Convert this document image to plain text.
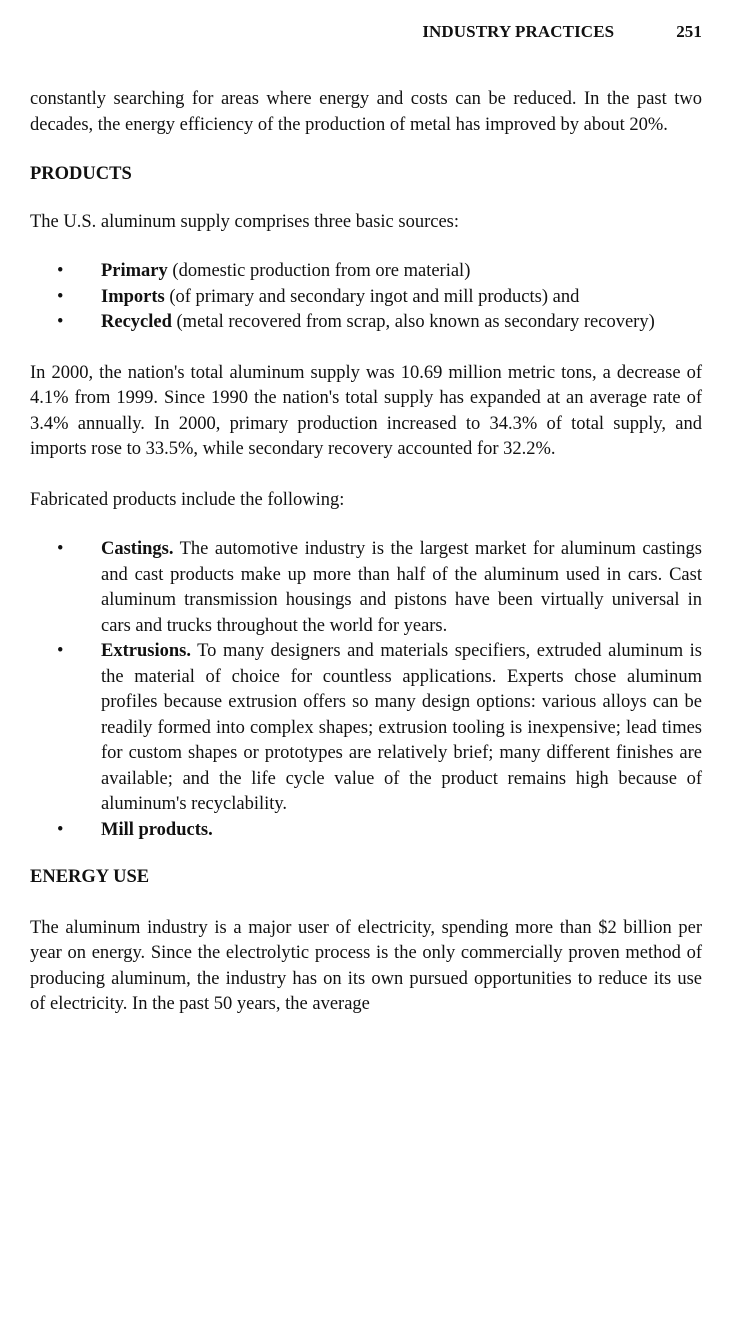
INDUSTRY PRACTICES	251

constantly searching for areas where energy and costs can be reduced. In the past two decades, the energy efficiency of the production of metal has improved by about 20%.

PRODUCTS

The U.S. aluminum supply comprises three basic sources:

• Primary (domestic production from ore material)
• Imports (of primary and secondary ingot and mill products) and
• Recycled (metal recovered from scrap, also known as secondary recovery)

In 2000, the nation's total aluminum supply was 10.69 million metric tons, a decrease of 4.1% from 1999. Since 1990 the nation's total supply has expanded at an average rate of 3.4% annually. In 2000, primary production increased to 34.3% of total supply, and imports rose to 33.5%, while secondary recovery accounted for 32.2%.

Fabricated products include the following:

• Castings. The automotive industry is the largest market for aluminum castings and cast products make up more than half of the aluminum used in cars. Cast aluminum transmission housings and pistons have been virtually universal in cars and trucks throughout the world for years.
• Extrusions. To many designers and materials specifiers, extruded aluminum is the material of choice for countless applications. Experts chose aluminum profiles because extrusion offers so many design options: various alloys can be readily formed into complex shapes; extrusion tooling is inexpensive; lead times for custom shapes or prototypes are relatively brief; many different finishes are available; and the life cycle value of the product remains high because of aluminum's recyclability.
• Mill products.
ENERGY USE

The aluminum industry is a major user of electricity, spending more than $2 billion per year on energy. Since the electrolytic process is the only commercially proven method of producing aluminum, the industry has on its own pursued opportunities to reduce its use of electricity. In the past 50 years, the average
